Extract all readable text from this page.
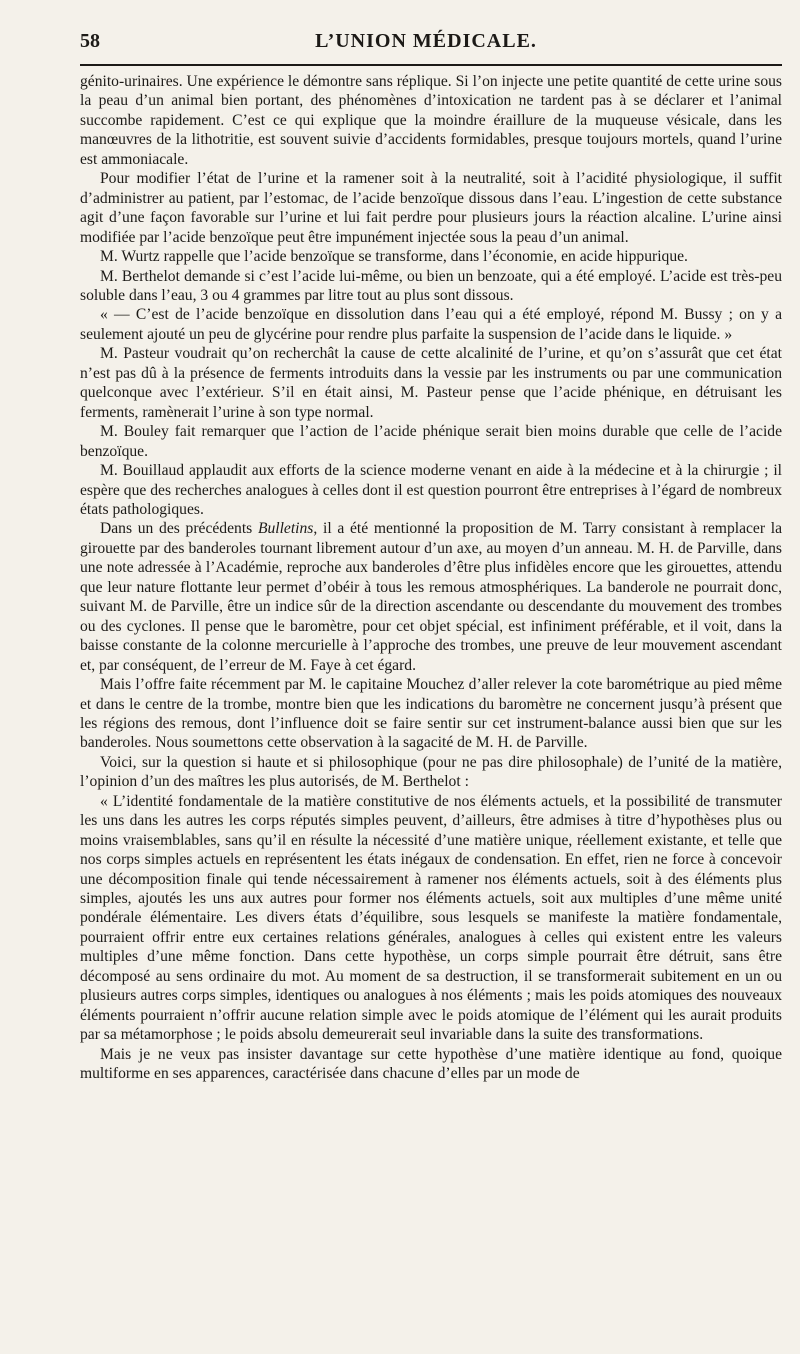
58	L’UNION MÉDICALE.

génito-urinaires. Une expérience le démontre sans réplique. Si l’on injecte une petite quantité de cette urine sous la peau d’un animal bien portant, des phénomènes d’intoxication ne tardent pas à se déclarer et l’animal succombe rapidement. C’est ce qui explique que la moindre éraillure de la muqueuse vésicale, dans les manœuvres de la lithotritie, est souvent suivie d’accidents formidables, presque toujours mortels, quand l’urine est ammoniacale.

Pour modifier l’état de l’urine et la ramener soit à la neutralité, soit à l’acidité physiologique, il suffit d’administrer au patient, par l’estomac, de l’acide benzoïque dissous dans l’eau. L’ingestion de cette substance agit d’une façon favorable sur l’urine et lui fait perdre pour plusieurs jours la réaction alcaline. L’urine ainsi modifiée par l’acide benzoïque peut être impunément injectée sous la peau d’un animal.

M. Wurtz rappelle que l’acide benzoïque se transforme, dans l’économie, en acide hippurique.

M. Berthelot demande si c’est l’acide lui-même, ou bien un benzoate, qui a été employé. L’acide est très-peu soluble dans l’eau, 3 ou 4 grammes par litre tout au plus sont dissous.

« — C’est de l’acide benzoïque en dissolution dans l’eau qui a été employé, répond M. Bussy ; on y a seulement ajouté un peu de glycérine pour rendre plus parfaite la suspension de l’acide dans le liquide. »

M. Pasteur voudrait qu’on recherchât la cause de cette alcalinité de l’urine, et qu’on s’assurât que cet état n’est pas dû à la présence de ferments introduits dans la vessie par les instruments ou par une communication quelconque avec l’extérieur. S’il en était ainsi, M. Pasteur pense que l’acide phénique, en détruisant les ferments, ramènerait l’urine à son type normal.

M. Bouley fait remarquer que l’action de l’acide phénique serait bien moins durable que celle de l’acide benzoïque.

M. Bouillaud applaudit aux efforts de la science moderne venant en aide à la médecine et à la chirurgie ; il espère que des recherches analogues à celles dont il est question pourront être entreprises à l’égard de nombreux états pathologiques.

Dans un des précédents Bulletins, il a été mentionné la proposition de M. Tarry consistant à remplacer la girouette par des banderoles tournant librement autour d’un axe, au moyen d’un anneau. M. H. de Parville, dans une note adressée à l’Académie, reproche aux banderoles d’être plus infidèles encore que les girouettes, attendu que leur nature flottante leur permet d’obéir à tous les remous atmosphériques. La banderole ne pourrait donc, suivant M. de Parville, être un indice sûr de la direction ascendante ou descendante du mouvement des trombes ou des cyclones. Il pense que le baromètre, pour cet objet spécial, est infiniment préférable, et il voit, dans la baisse constante de la colonne mercurielle à l’approche des trombes, une preuve de leur mouvement ascendant et, par conséquent, de l’erreur de M. Faye à cet égard.

Mais l’offre faite récemment par M. le capitaine Mouchez d’aller relever la cote barométrique au pied même et dans le centre de la trombe, montre bien que les indications du baromètre ne concernent jusqu’à présent que les régions des remous, dont l’influence doit se faire sentir sur cet instrument-balance aussi bien que sur les banderoles. Nous soumettons cette observation à la sagacité de M. H. de Parville.

Voici, sur la question si haute et si philosophique (pour ne pas dire philosophale) de l’unité de la matière, l’opinion d’un des maîtres les plus autorisés, de M. Berthelot :

« L’identité fondamentale de la matière constitutive de nos éléments actuels, et la possibilité de transmuter les uns dans les autres les corps réputés simples peuvent, d’ailleurs, être admises à titre d’hypothèses plus ou moins vraisemblables, sans qu’il en résulte la nécessité d’une matière unique, réellement existante, et telle que nos corps simples actuels en représentent les états inégaux de condensation. En effet, rien ne force à concevoir une décomposition finale qui tende nécessairement à ramener nos éléments actuels, soit à des éléments plus simples, ajoutés les uns aux autres pour former nos éléments actuels, soit aux multiples d’une même unité pondérale élémentaire. Les divers états d’équilibre, sous lesquels se manifeste la matière fondamentale, pourraient offrir entre eux certaines relations générales, analogues à celles qui existent entre les valeurs multiples d’une même fonction. Dans cette hypothèse, un corps simple pourrait être détruit, sans être décomposé au sens ordinaire du mot. Au moment de sa destruction, il se transformerait subitement en un ou plusieurs autres corps simples, identiques ou analogues à nos éléments ; mais les poids atomiques des nouveaux éléments pourraient n’offrir aucune relation simple avec le poids atomique de l’élément qui les aurait produits par sa métamorphose ; le poids absolu demeurerait seul invariable dans la suite des transformations.

Mais je ne veux pas insister davantage sur cette hypothèse d’une matière identique au fond, quoique multiforme en ses apparences, caractérisée dans chacune d’elles par un mode de
